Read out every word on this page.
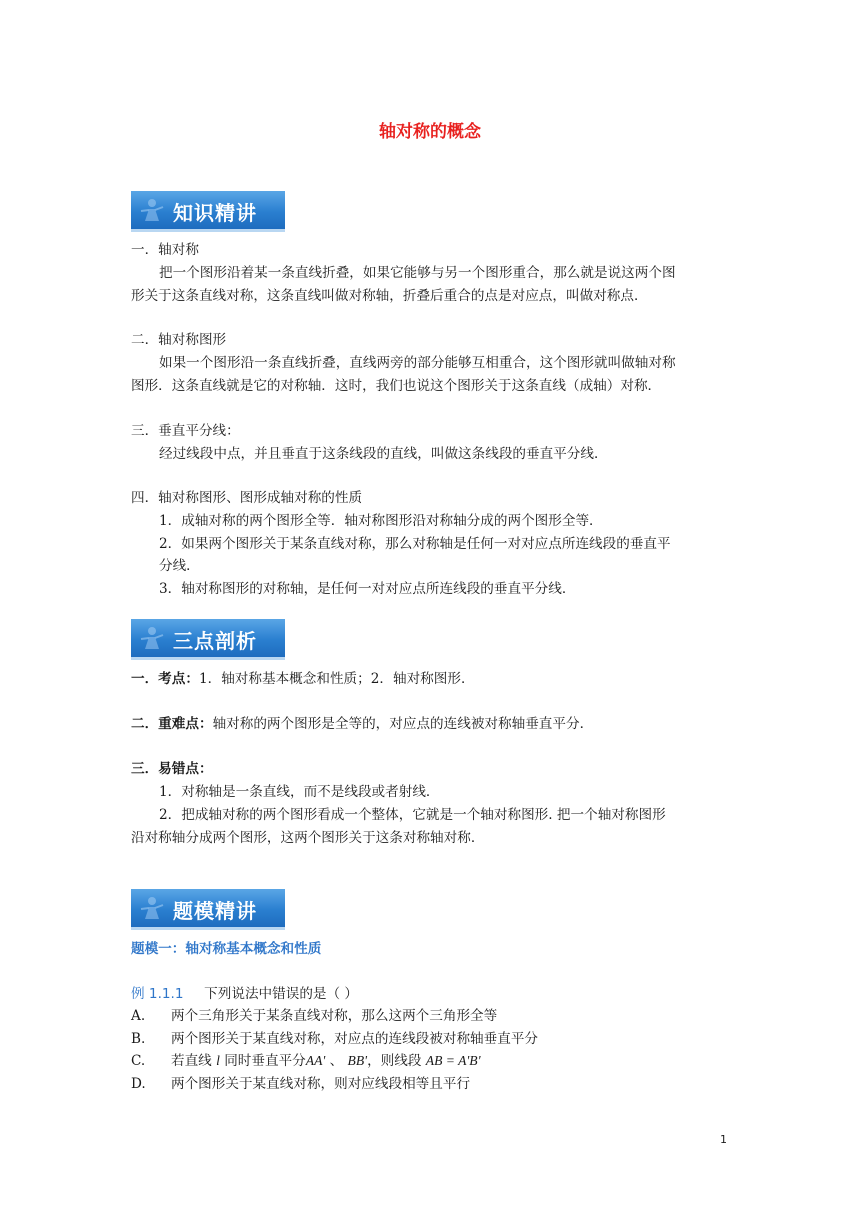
轴对称的概念
知识精讲
一．轴对称
把一个图形沿着某一条直线折叠，如果它能够与另一个图形重合，那么就是说这两个图
形关于这条直线对称，这条直线叫做对称轴，折叠后重合的点是对应点，叫做对称点．
二．轴对称图形
如果一个图形沿一条直线折叠，直线两旁的部分能够互相重合，这个图形就叫做轴对称
图形．这条直线就是它的对称轴．这时，我们也说这个图形关于这条直线（成轴）对称．
三．垂直平分线：
经过线段中点，并且垂直于这条线段的直线，叫做这条线段的垂直平分线．
四．轴对称图形、图形成轴对称的性质
1．成轴对称的两个图形全等．轴对称图形沿对称轴分成的两个图形全等．
2．如果两个图形关于某条直线对称，那么对称轴是任何一对对应点所连线段的垂直平
分线．
3．轴对称图形的对称轴，是任何一对对应点所连线段的垂直平分线．
三点剖析
一．考点：1．轴对称基本概念和性质；2．轴对称图形．
二．重难点：轴对称的两个图形是全等的，对应点的连线被对称轴垂直平分．
三．易错点：
1．对称轴是一条直线，而不是线段或者射线．
2．把成轴对称的两个图形看成一个整体，它就是一个轴对称图形. 把一个轴对称图形
沿对称轴分成两个图形，这两个图形关于这条对称轴对称．
题模精讲
题模一：轴对称基本概念和性质
例 1.1.1 下列说法中错误的是（ ）
A. 两个三角形关于某条直线对称，那么这两个三角形全等
B. 两个图形关于某直线对称，对应点的连线段被对称轴垂直平分
C. 若直线 l 同时垂直平分AA' 、 BB'，则线段 AB = A'B'
D. 两个图形关于某直线对称，则对应线段相等且平行
1
